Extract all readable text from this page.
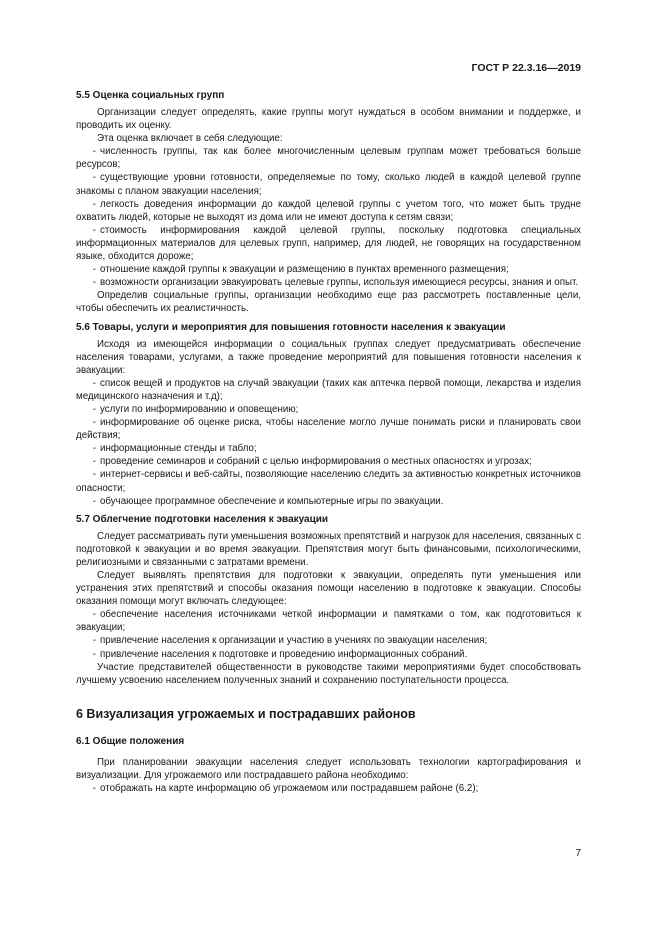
ГОСТ Р 22.3.16—2019
5.5 Оценка социальных групп

Организации следует определять, какие группы могут нуждаться в особом внимании и поддержке, и проводить их оценку.

Эта оценка включает в себя следующие:

- численность группы, так как более многочисленным целевым группам может требоваться больше ресурсов;

- существующие уровни готовности, определяемые по тому, сколько людей в каждой целевой группе знакомы с планом эвакуации населения;

- легкость доведения информации до каждой целевой группы с учетом того, что может быть трудне охватить людей, которые не выходят из дома или не имеют доступа к сетям связи;

- стоимость информирования каждой целевой группы, поскольку подготовка специальных информационных материалов для целевых групп, например, для людей, не говорящих на государственном языке, обходится дороже;

- отношение каждой группы к эвакуации и размещению в пунктах временного размещения;

- возможности организации эвакуировать целевые группы, используя имеющиеся ресурсы, знания и опыт.

Определив социальные группы, организации необходимо еще раз рассмотреть поставленные цели, чтобы обеспечить их реалистичность.

5.6 Товары, услуги и мероприятия для повышения готовности населения к эвакуации

Исходя из имеющейся информации о социальных группах следует предусматривать обеспечение населения товарами, услугами, а также проведение мероприятий для повышения готовности населения к эвакуации:

- список вещей и продуктов на случай эвакуации (таких как аптечка первой помощи, лекарства и изделия медицинского назначения и т.д);

- услуги по информированию и оповещению;

- информирование об оценке риска, чтобы население могло лучше понимать риски и планировать свои действия;

- информационные стенды и табло;

- проведение семинаров и собраний с целью информирования о местных опасностях и угрозах;

- интернет-сервисы и веб-сайты, позволяющие населению следить за активностью конкретных источников опасности;

- обучающее программное обеспечение и компьютерные игры по эвакуации.

5.7 Облегчение подготовки населения к эвакуации

Следует рассматривать пути уменьшения возможных препятствий и нагрузок для населения, связанных с подготовкой к эвакуации и во время эвакуации. Препятствия могут быть финансовыми, психологическими, религиозными и связанными с затратами времени.

Следует выявлять препятствия для подготовки к эвакуации, определять пути уменьшения или устранения этих препятствий и способы оказания помощи населению в подготовке к эвакуации. Способы оказания помощи могут включать следующее:

- обеспечение населения источниками четкой информации и памятками о том, как подготовиться к эвакуации;

- привлечение населения к организации и участию в учениях по эвакуации населения;

- привлечение населения к подготовке и проведению информационных собраний.

Участие представителей общественности в руководстве такими мероприятиями будет способствовать лучшему усвоению населением полученных знаний и сохранению поступательности процесса.

6 Визуализация угрожаемых и пострадавших районов
6.1 Общие положения

При планировании эвакуации населения следует использовать технологии картографирования и визуализации. Для угрожаемого или пострадавшего района необходимо:

- отображать на карте информацию об угрожаемом или пострадавшем районе (6.2);

7
